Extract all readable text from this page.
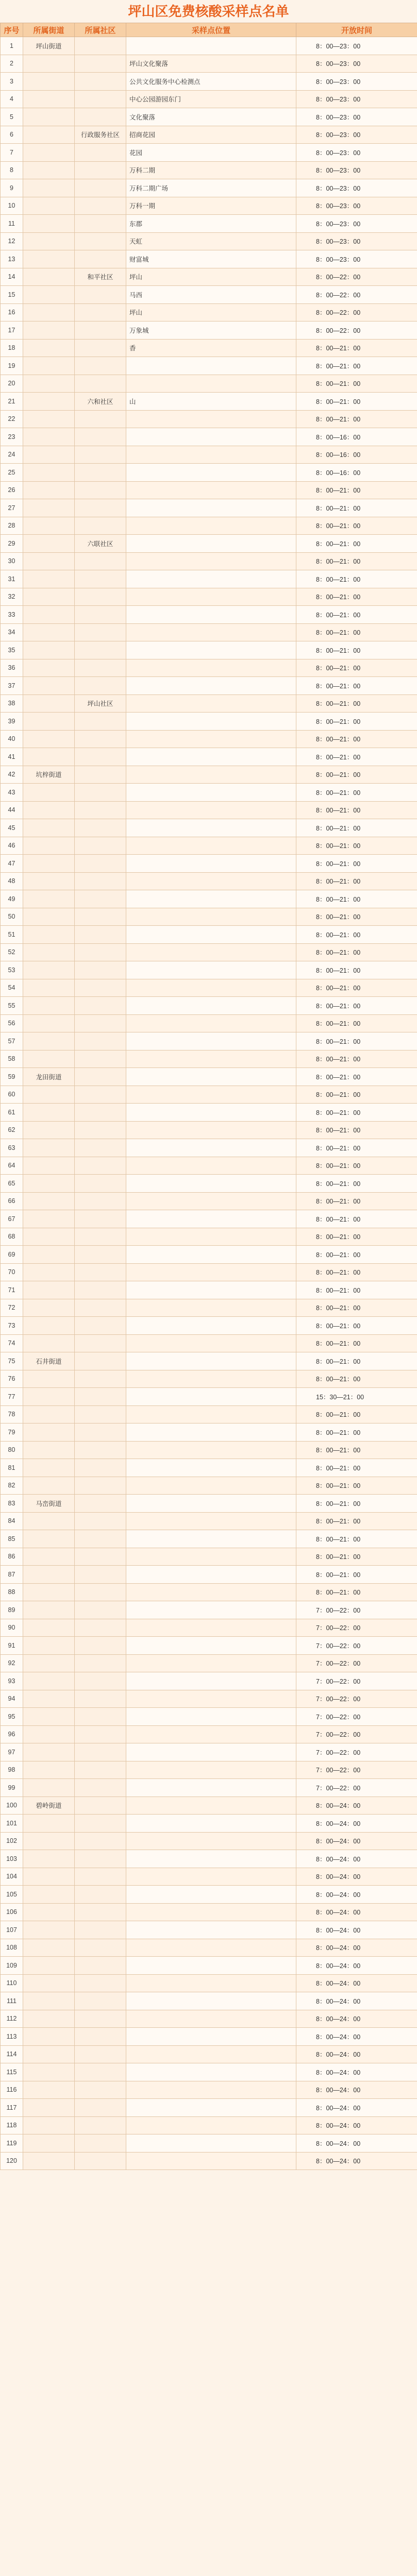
坪山区免费核酸采样点名单
序号	所属街道	所属社区	采样点位置	开放时间
1	坪山街道			8：00—23：00
2			坪山文化聚落	8：00—23：00
3			公共文化服务中心检测点	8：00—23：00
4			中心公园游园东门	8：00—23：00
5			文化聚落	8：00—23：00
6		行政服务社区	招商花园	8：00—23：00
7			花园	8：00—23：00
8			万科二期	8：00—23：00
9			万科二期广场	8：00—23：00
10			万科一期	8：00—23：00
11			东郡	8：00—23：00
12			天虹	8：00—23：00
13			财富城	8：00—23：00
14		和平社区	坪山	8：00—22：00
15			马西	8：00—22：00
16			坪山	8：00—22：00
17			万象城	8：00—22：00
18			香	8：00—21：00
19				8：00—21：00
20				8：00—21：00
21		六和社区	山	8：00—21：00
22				8：00—21：00
23				8：00—16：00
24				8：00—16：00
25				8：00—16：00
26				8：00—21：00
27				8：00—21：00
28				8：00—21：00
29		六联社区		8：00—21：00
30				8：00—21：00
31				8：00—21：00
32				8：00—21：00
33				8：00—21：00
34				8：00—21：00
35				8：00—21：00
36				8：00—21：00
37				8：00—21：00
38		坪山社区		8：00—21：00
39				8：00—21：00
40				8：00—21：00
41				8：00—21：00
42	坑梓街道			8：00—21：00
43				8：00—21：00
44				8：00—21：00
45				8：00—21：00
46				8：00—21：00
47				8：00—21：00
48				8：00—21：00
49				8：00—21：00
50				8：00—21：00
51				8：00—21：00
52				8：00—21：00
53				8：00—21：00
54				8：00—21：00
55				8：00—21：00
56				8：00—21：00
57				8：00—21：00
58				8：00—21：00
59	龙田街道			8：00—21：00
60				8：00—21：00
61				8：00—21：00
62				8：00—21：00
63				8：00—21：00
64				8：00—21：00
65				8：00—21：00
66				8：00—21：00
67				8：00—21：00
68				8：00—21：00
69				8：00—21：00
70				8：00—21：00
71				8：00—21：00
72				8：00—21：00
73				8：00—21：00
74				8：00—21：00
75	石井街道			8：00—21：00
76				8：00—21：00
77				15：30—21：00
78				8：00—21：00
79				8：00—21：00
80				8：00—21：00
81				8：00—21：00
82				8：00—21：00
83	马峦街道			8：00—21：00
84				8：00—21：00
85				8：00—21：00
86				8：00—21：00
87				8：00—21：00
88				8：00—21：00
89				7：00—22：00
90				7：00—22：00
91				7：00—22：00
92				7：00—22：00
93				7：00—22：00
94				7：00—22：00
95				7：00—22：00
96				7：00—22：00
97				7：00—22：00
98				7：00—22：00
99				7：00—22：00
100	碧岭街道			8：00—24：00
101				8：00—24：00
102				8：00—24：00
103				8：00—24：00
104				8：00—24：00
105				8：00—24：00
106				8：00—24：00
107				8：00—24：00
108				8：00—24：00
109				8：00—24：00
110				8：00—24：00
111				8：00—24：00
112				8：00—24：00
113				8：00—24：00
114				8：00—24：00
115				8：00—24：00
116				8：00—24：00
117				8：00—24：00
118				8：00—24：00
119				8：00—24：00
120				8：00—24：00
